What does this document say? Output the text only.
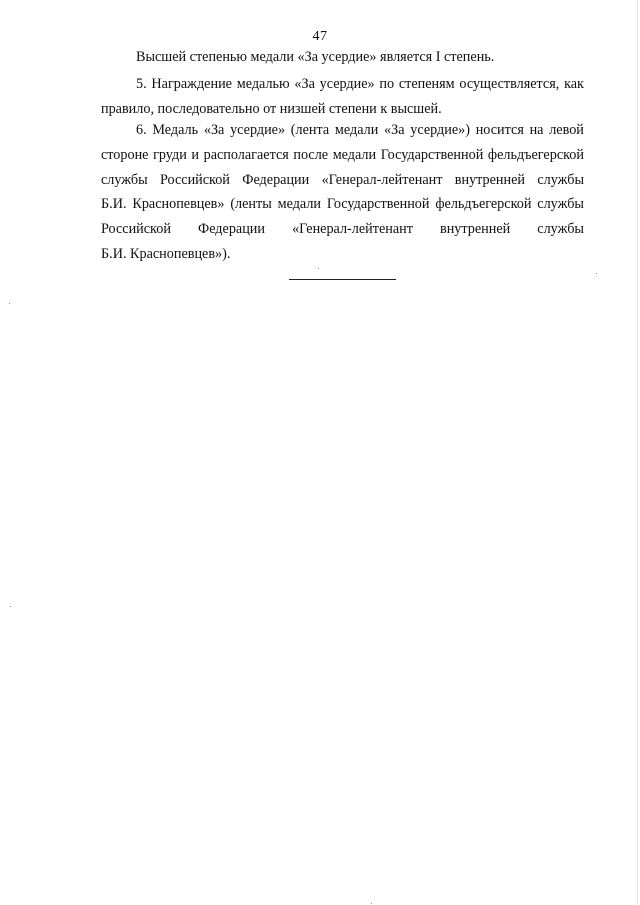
47
Высшей степенью медали «За усердие» является I степень.
5. Награждение медалью «За усердие» по степеням осуществляется, как
правило, последовательно от низшей степени к высшей.
6. Медаль «За усердие» (лента медали «За усердие») носится на левой
стороне груди и располагается после медали Государственной фельдъегерской
службы Российской Федерации «Генерал-лейтенант внутренней службы
Б.И. Краснопевцев» (ленты медали Государственной фельдъегерской службы
Российской Федерации «Генерал-лейтенант внутренней службы
Б.И. Краснопевцев»).
